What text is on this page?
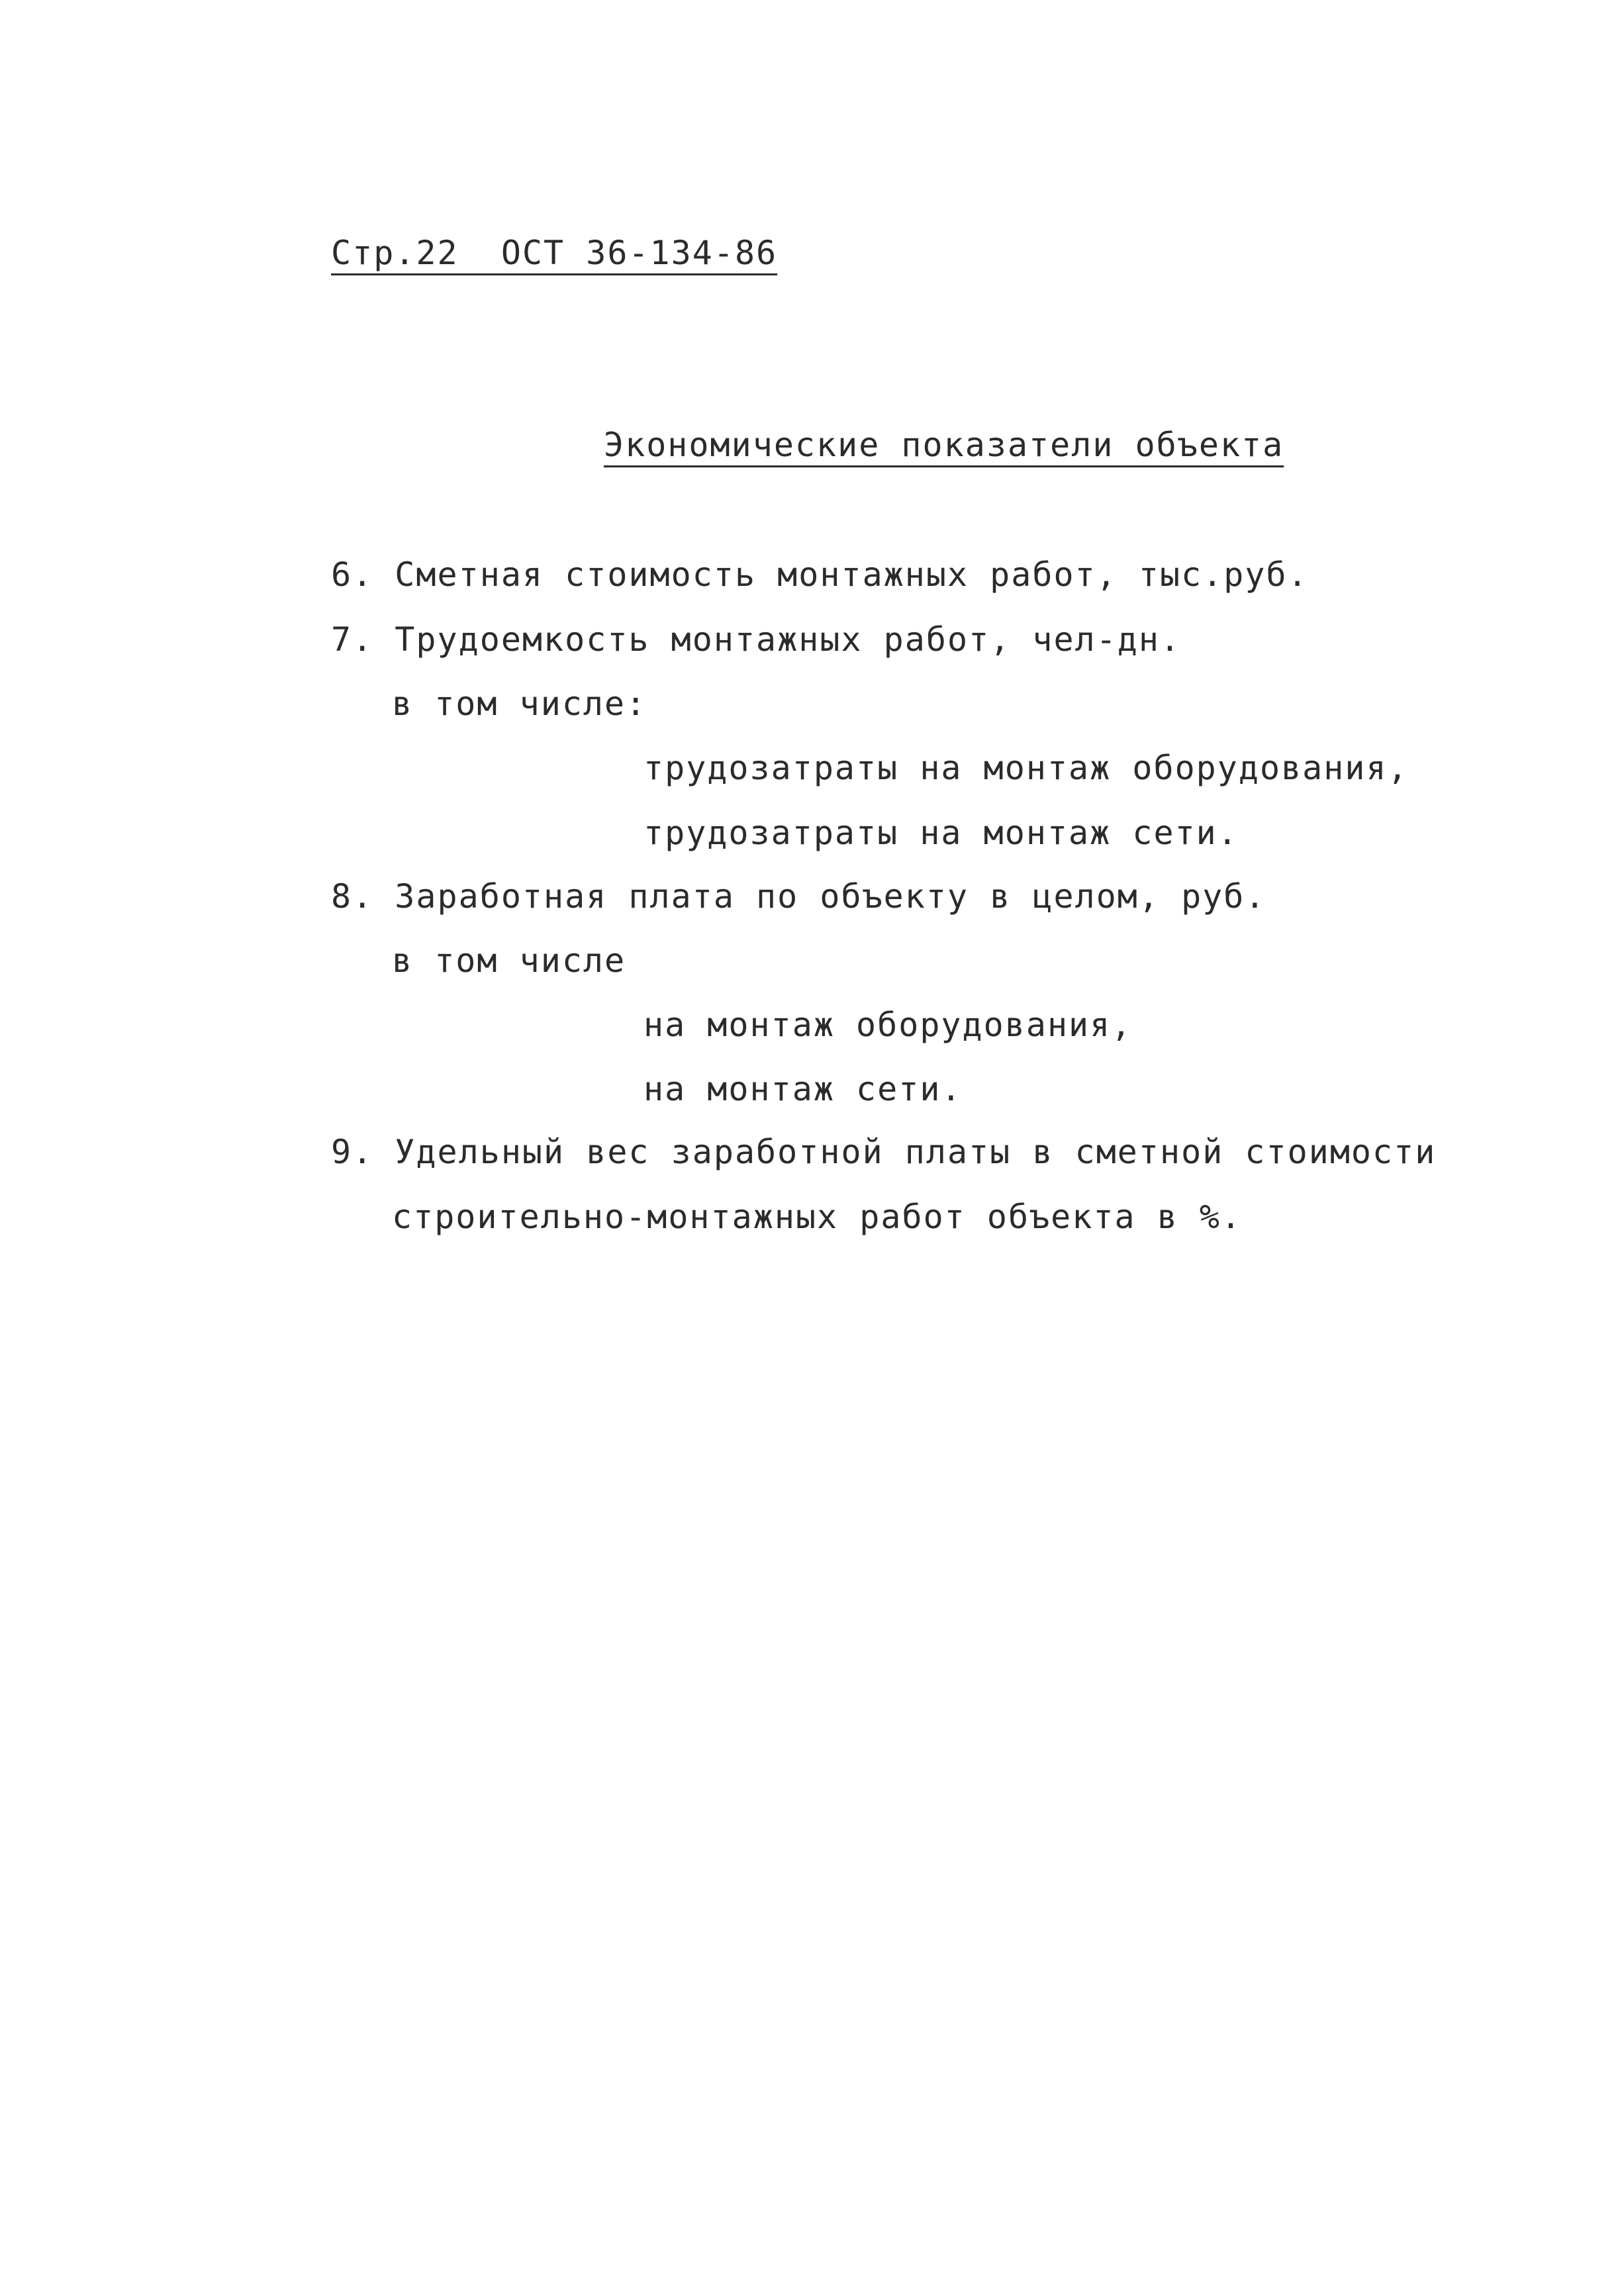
Стр.22  ОСТ 36-134-86
Экономические показатели объекта
6. Сметная стоимость монтажных работ, тыс.руб.
7. Трудоемкость монтажных работ, чел-дн.
в том числе:
трудозатраты на монтаж оборудования,
трудозатраты на монтаж сети.
8. Заработная плата по объекту в целом, руб.
в том числе
на монтаж оборудования,
на монтаж сети.
9. Удельный вес заработной платы в сметной стоимости
строительно-монтажных работ объекта в %.
